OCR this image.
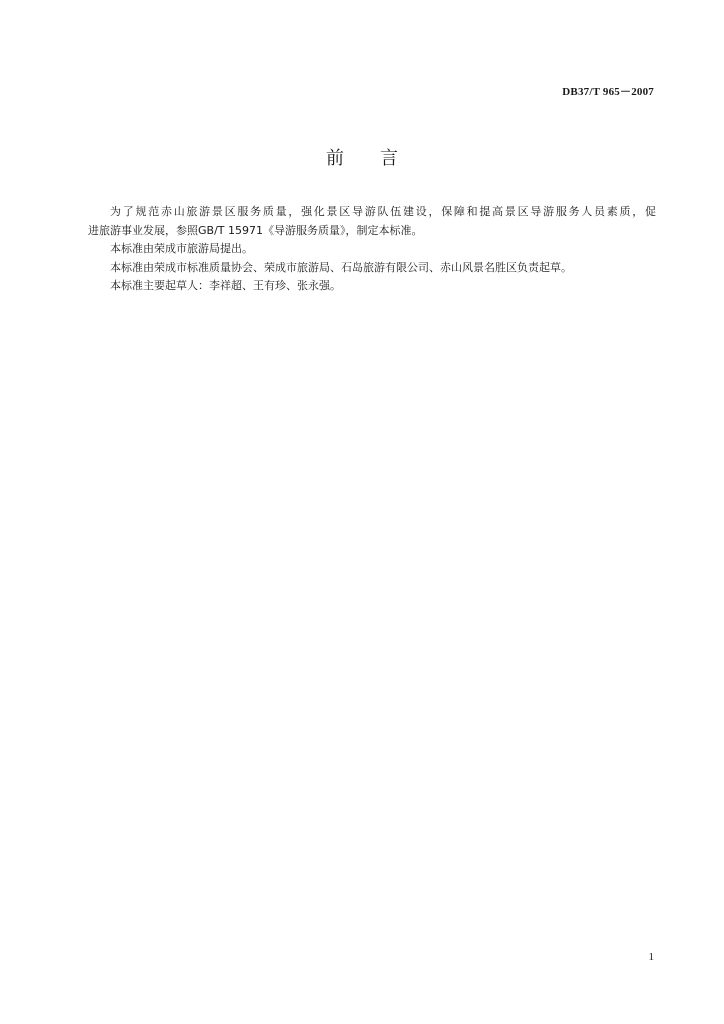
DB37/T 965－2007
前 言

为了规范赤山旅游景区服务质量，强化景区导游队伍建设，保障和提高景区导游服务人员素质，促
进旅游事业发展，参照GB/T 15971《导游服务质量》，制定本标准。

本标准由荣成市旅游局提出。

本标准由荣成市标准质量协会、荣成市旅游局、石岛旅游有限公司、赤山风景名胜区负责起草。

本标准主要起草人：李祥超、王有珍、张永强。

1
